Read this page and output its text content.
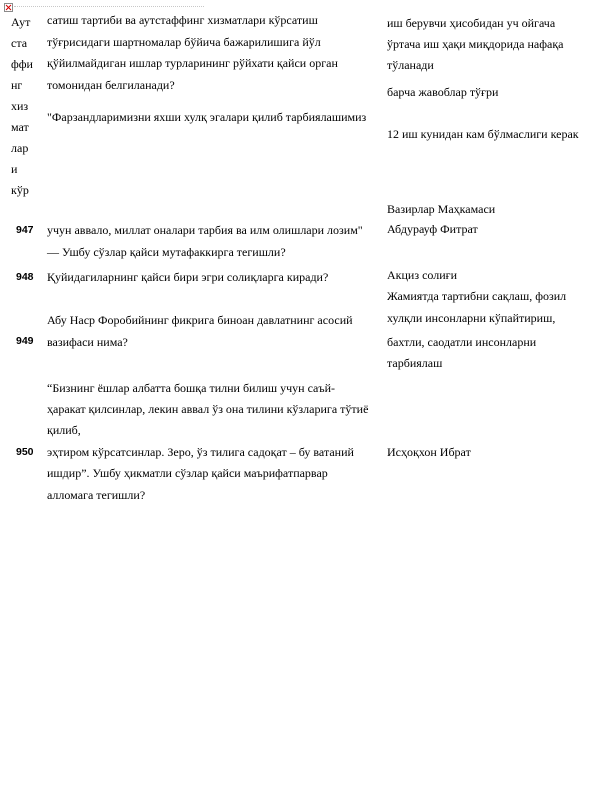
Аут
ста
ффи
нг
хиз
мат
лар
и
кўр
сатиш тартиби ва аутстаффинг хизматлари кўрсатиш
тўғрисидаги шартномалар бўйича бажарилишига йўл
қўйилмайдиган ишлар турларининг рўйхати қайси орган
томонидан белгиланади?
иш берувчи ҳисобидан уч ойгача
ўртача иш ҳақи миқдорида нафақа
тўланади
барча жавоблар тўғри
"Фарзандларимизни яхши хулқ эгалари қилиб тарбиялашимиз
12 иш кунидан кам бўлмаслиги керак
Вазирлар Маҳкамаси
947 учун аввало, миллат оналари тарбия ва илм олишлари лозим"
— Ушбу сўзлар қайси мутафаккирга тегишли?
Абдурауф Фитрат
948 Қуйидагиларнинг қайси бири эгри солиқларга киради?	Акциз солиғи
949
Абу Наср Форобийнинг фикрига биноан давлатнинг асосий
вазифаси нима?
Жамиятда тартибни сақлаш, фозил
хулқли инсонларни кўпайтириш,
бахтли, саодатли инсонларни
тарбиялаш
950
“Бизнинг ёшлар албатта бошқа тилни билиш учун саъй-
ҳаракат қилсинлар, лекин аввал ўз она тилини кўзларига тўтиё
қилиб,
эҳтиром кўрсатсинлар. Зеро, ўз тилига садоқат – бу ватаний
ишдир”. Ушбу ҳикматли сўзлар қайси маърифатпарвар
алломага тегишли?
Исҳоқхон Ибрат
